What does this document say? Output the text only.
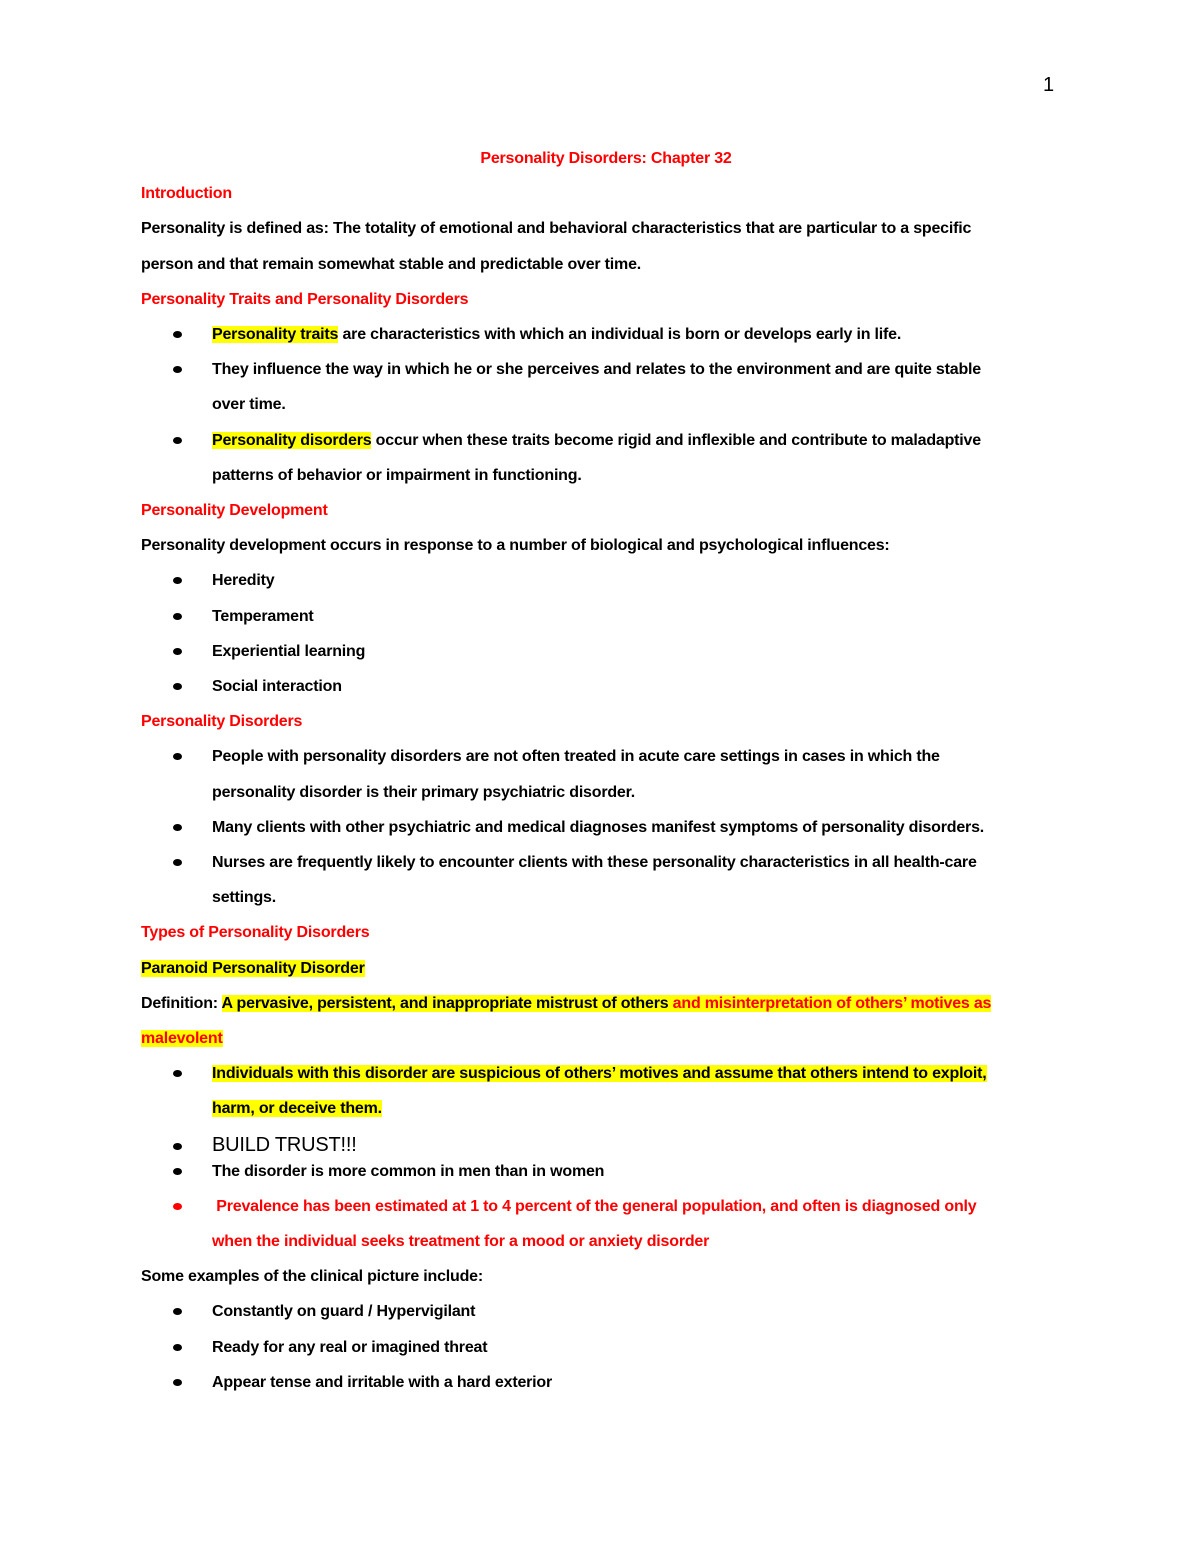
1
Personality Disorders: Chapter 32
Introduction
Personality is defined as: The totality of emotional and behavioral characteristics that are particular to a specific
person and that remain somewhat stable and predictable over time.
Personality Traits and Personality Disorders
Personality traits are characteristics with which an individual is born or develops early in life.
They influence the way in which he or she perceives and relates to the environment and are quite stable
over time.
Personality disorders occur when these traits become rigid and inflexible and contribute to maladaptive
patterns of behavior or impairment in functioning.
Personality Development
Personality development occurs in response to a number of biological and psychological influences:
Heredity
Temperament
Experiential learning
Social interaction
Personality Disorders
People with personality disorders are not often treated in acute care settings in cases in which the
personality disorder is their primary psychiatric disorder.
Many clients with other psychiatric and medical diagnoses manifest symptoms of personality disorders.
Nurses are frequently likely to encounter clients with these personality characteristics in all health-care
settings.
Types of Personality Disorders
Paranoid Personality Disorder
Definition: A pervasive, persistent, and inappropriate mistrust of others and misinterpretation of others’ motives as
malevolent
Individuals with this disorder are suspicious of others’ motives and assume that others intend to exploit,
harm, or deceive them.
BUILD TRUST!!!
The disorder is more common in men than in women
Prevalence has been estimated at 1 to 4 percent of the general population, and often is diagnosed only
when the individual seeks treatment for a mood or anxiety disorder
Some examples of the clinical picture include:
Constantly on guard / Hypervigilant
Ready for any real or imagined threat
Appear tense and irritable with a hard exterior
